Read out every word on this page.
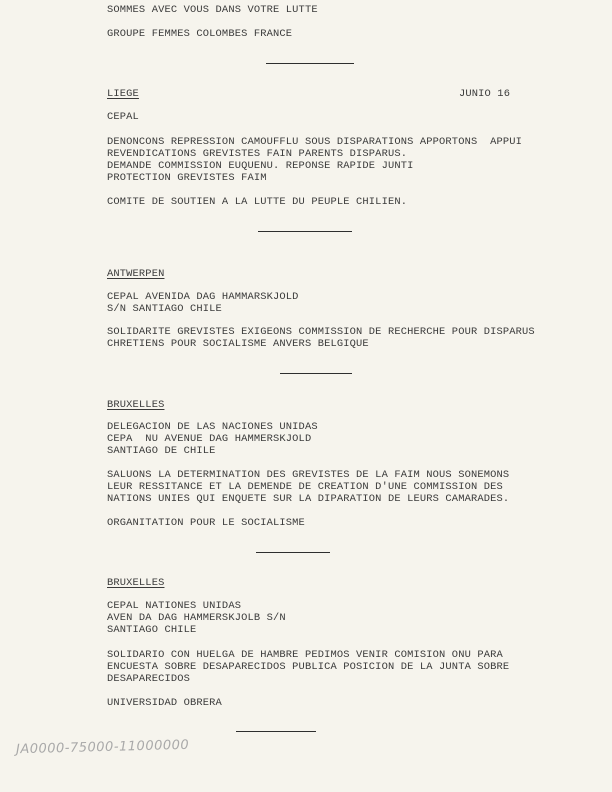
SOMMES AVEC VOUS DANS VOTRE LUTTE
GROUPE FEMMES COLOMBES FRANCE
LIEGE	JUNIO 16
CEPAL
DENONCONS REPRESSION CAMOUFFLU SOUS DISPARATIONS APPORTONS  APPUI
REVENDICATIONS GREVISTES FAIN PARENTS DISPARUS.
DEMANDE COMMISSION EUQUENU. REPONSE RAPIDE JUNTI
PROTECTION GREVISTES FAIM
COMITE DE SOUTIEN A LA LUTTE DU PEUPLE CHILIEN.
ANTWERPEN
CEPAL AVENIDA DAG HAMMARSKJOLD
S/N SANTIAGO CHILE
SOLIDARITE GREVISTES EXIGEONS COMMISSION DE RECHERCHE POUR DISPARUS
CHRETIENS POUR SOCIALISME ANVERS BELGIQUE
BRUXELLES
DELEGACION DE LAS NACIONES UNIDAS
CEPA  NU AVENUE DAG HAMMERSKJOLD
SANTIAGO DE CHILE
SALUONS LA DETERMINATION DES GREVISTES DE LA FAIM NOUS SONEMONS
LEUR RESSITANCE ET LA DEMENDE DE CREATION D'UNE COMMISSION DES
NATIONS UNIES QUI ENQUETE SUR LA DIPARATION DE LEURS CAMARADES.
ORGANITATION POUR LE SOCIALISME
BRUXELLES
CEPAL NATIONES UNIDAS
AVEN DA DAG HAMMERSKJOLB S/N
SANTIAGO CHILE
SOLIDARIO CON HUELGA DE HAMBRE PEDIMOS VENIR COMISION ONU PARA
ENCUESTA SOBRE DESAPARECIDOS PUBLICA POSICION DE LA JUNTA SOBRE
DESAPARECIDOS
UNIVERSIDAD OBRERA
JA0000-75000-11000000
